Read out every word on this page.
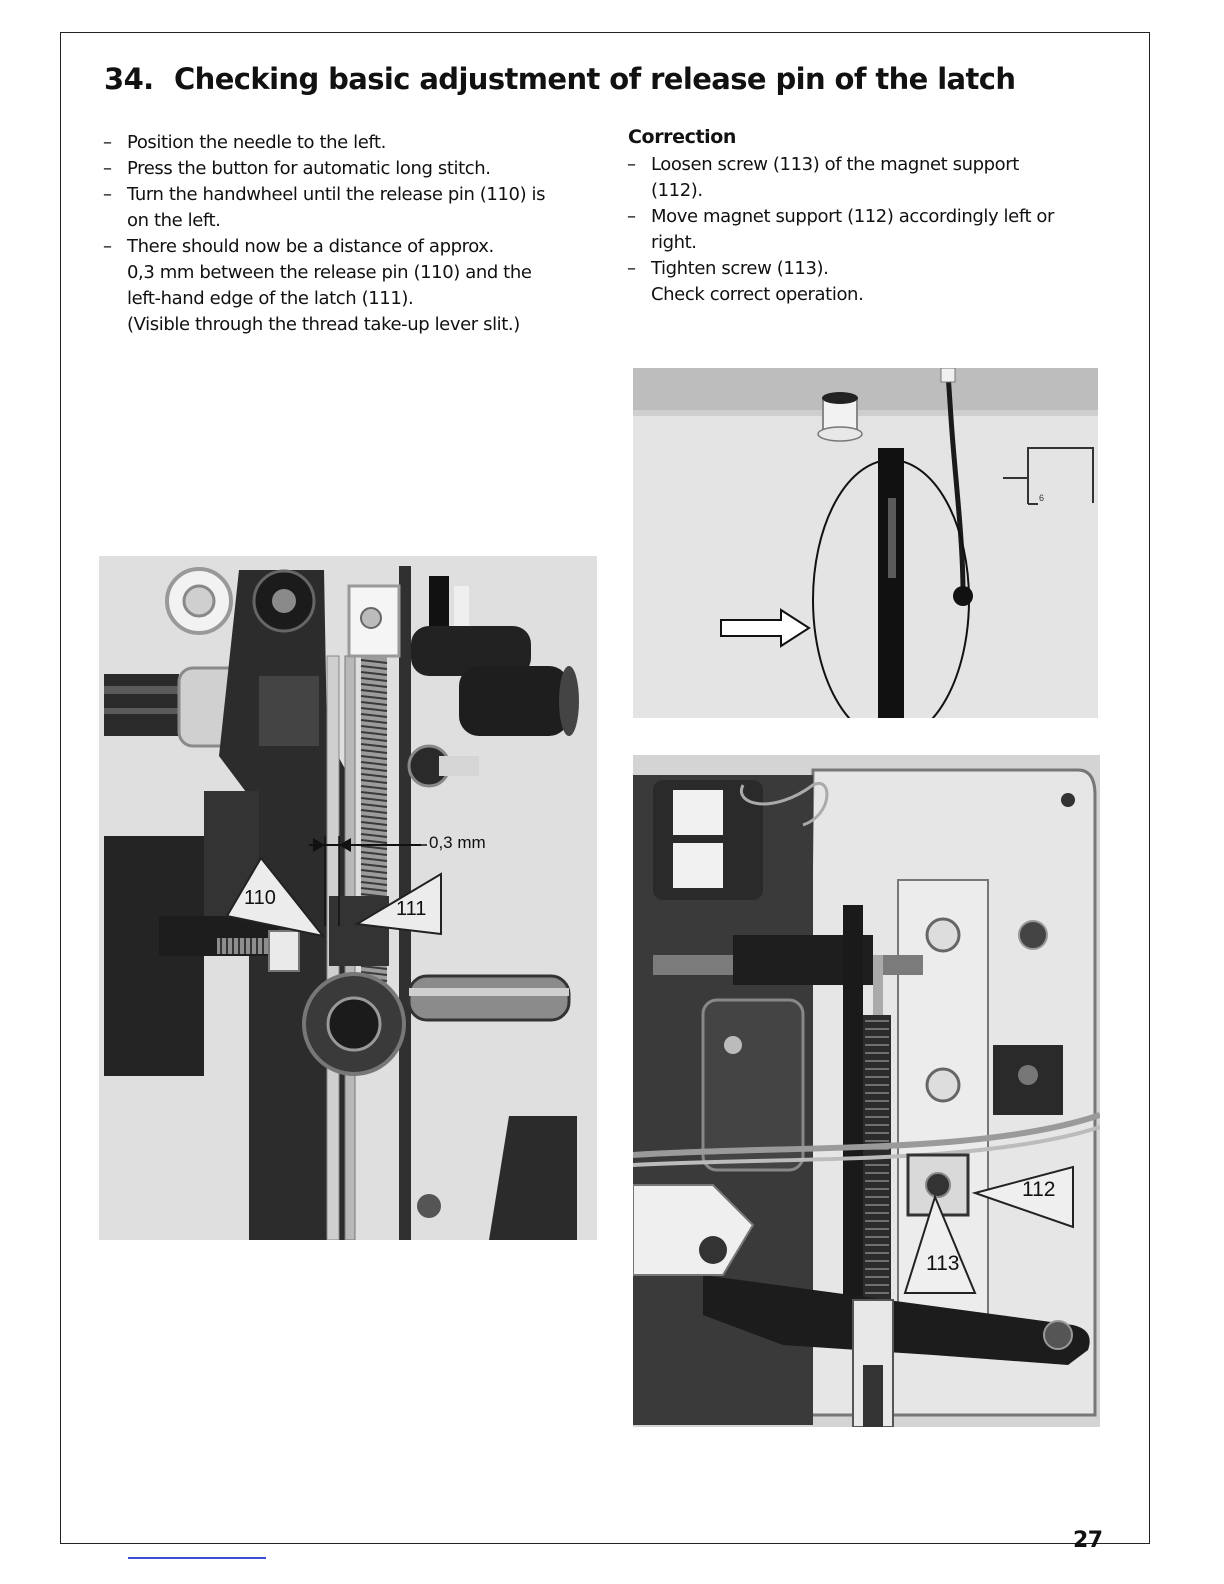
34. Checking basic adjustment of release pin of the latch
– Position the needle to the left.
– Press the button for automatic long stitch.
– Turn the handwheel until the release pin (110) is
on the left.
– There should now be a distance of approx.
0,3 mm between the release pin (110) and the
left-hand edge of the latch (111).
(Visible through the thread take-up lever slit.)
Correction
– Loosen screw (113) of the magnet support
(112).
– Move magnet support (112) accordingly left or
right.
– Tighten screw (113).
Check correct operation.
0,3 mm
110	111
6
112
113
27
